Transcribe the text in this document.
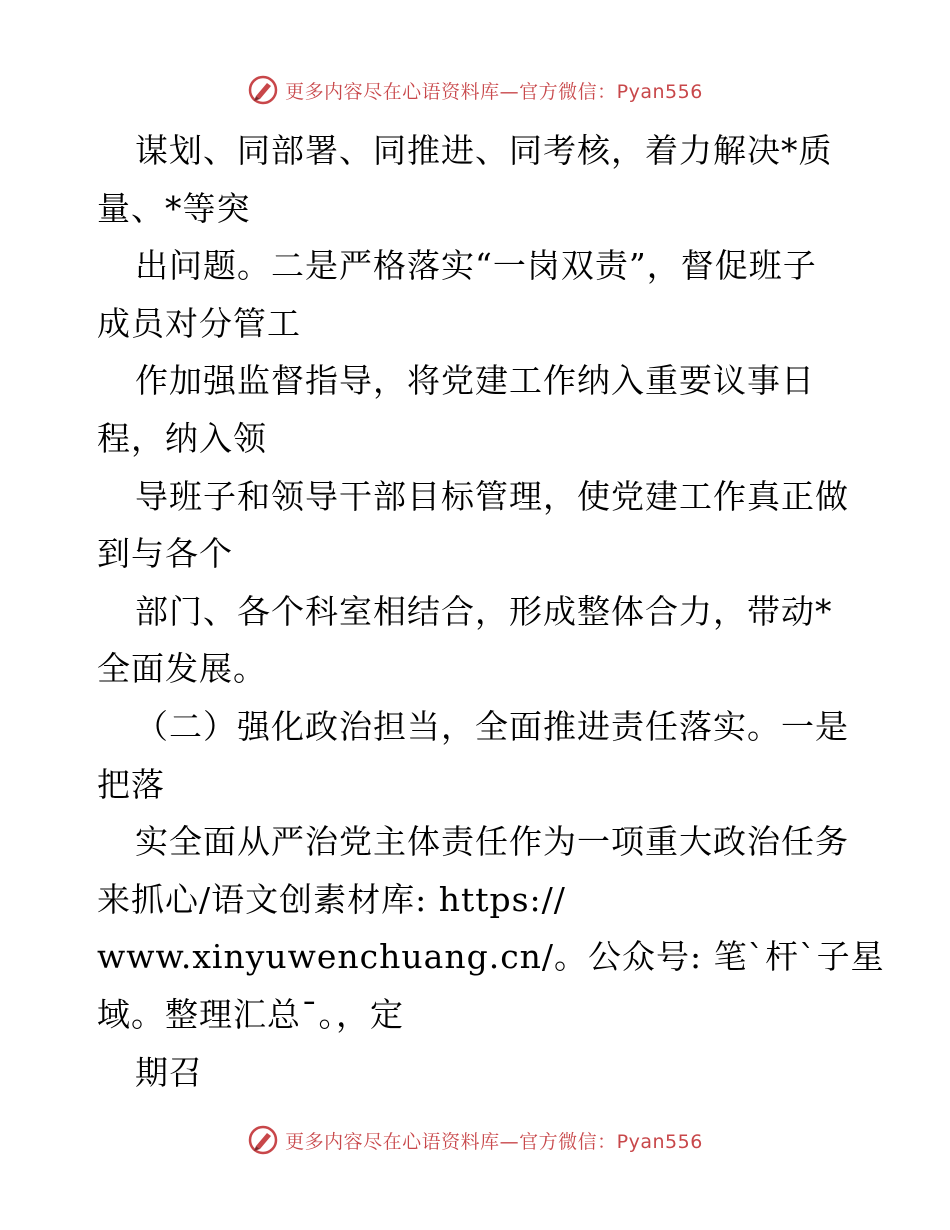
更多内容尽在心语资料库—官方微信：Pyan556
谋划、同部署、同推进、同考核，着力解决*质
量、*等突
出问题。二是严格落实“一岗双责”，督促班子
成员对分管工
作加强监督指导，将党建工作纳入重要议事日
程，纳入领
导班子和领导干部目标管理，使党建工作真正做
到与各个
部门、各个科室相结合，形成整体合力，带动*
全面发展。
（二）强化政治担当，全面推进责任落实。一是
把落
实全面从严治党主体责任作为一项重大政治任务
来抓心/语文创素材库: https://
www.xinyuwenchuang.cn/。公众号: 笔`杆`子星
域。整理汇总¯。，定
期召
更多内容尽在心语资料库—官方微信：Pyan556
